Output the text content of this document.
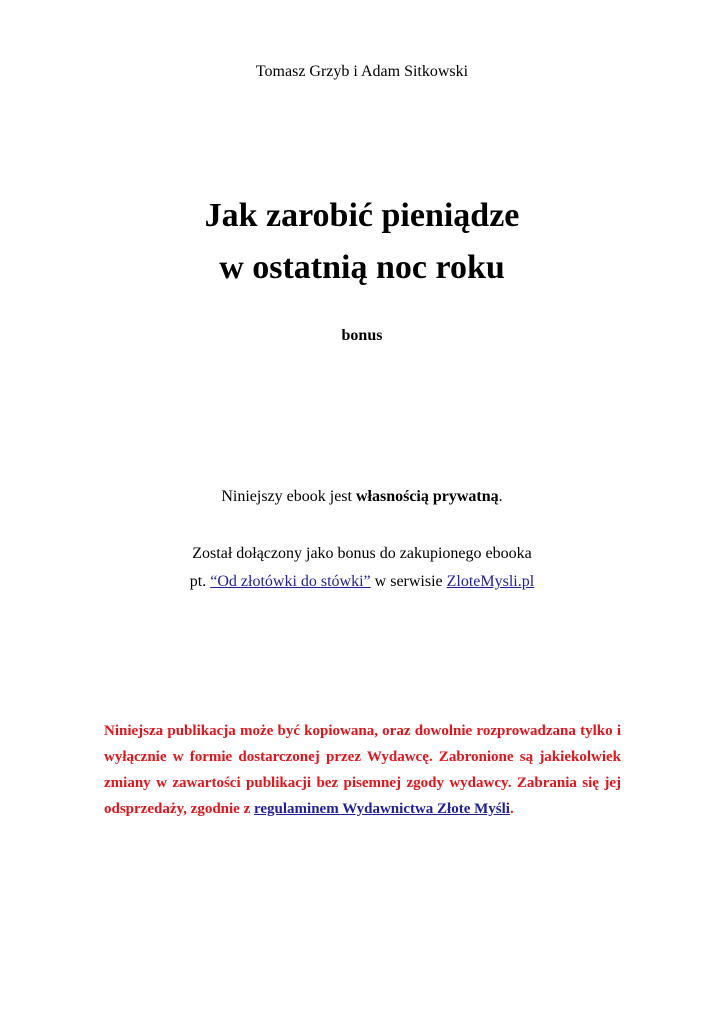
Tomasz Grzyb i Adam Sitkowski
Jak zarobić pieniądze
w ostatnią noc roku
bonus
Niniejszy ebook jest własnością prywatną.
Został dołączony jako bonus do zakupionego ebooka
pt. “Od złotówki do stówki” w serwisie ZloteMysli.pl
Niniejsza publikacja może być kopiowana, oraz dowolnie rozprowadzana tylko i wyłącznie w formie dostarczonej przez Wydawcę. Zabronione są jakiekolwiek zmiany w zawartości publikacji bez pisemnej zgody wydawcy. Zabrania się jej odsprzedaży, zgodnie z regulaminem Wydawnictwa Złote Myśli.
